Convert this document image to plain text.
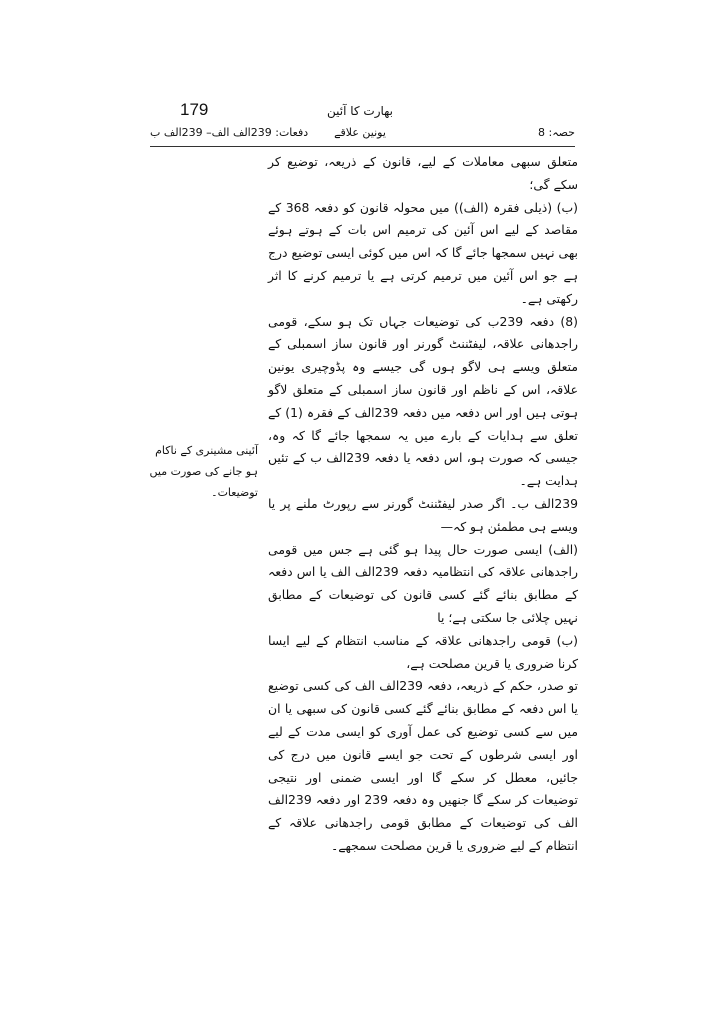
179	بھارت کا آئین
یونین علاقے
دفعات: 239الف الف– 239الف ب	حصہ: 8

متعلق سبھی معاملات کے لیے، قانون کے ذریعہ، توضیع کر سکے گی؛

(ب) (ذیلی فقرہ (الف)) میں محولہ قانون کو دفعہ 368 کے مقاصد کے لیے اس آئین کی ترمیم اس بات کے ہوتے ہوئے بھی نہیں سمجھا جائے گا کہ اس میں کوئی ایسی توضیع درج ہے جو اس آئین میں ترمیم کرتی ہے یا ترمیم کرنے کا اثر رکھتی ہے۔

(8) دفعہ 239ب کی توضیعات جہاں تک ہو سکے، قومی راجدھانی علاقہ، لیفٹننٹ گورنر اور قانون ساز اسمبلی کے متعلق ویسے ہی لاگو ہوں گی جیسے وہ پڈوچیری یونین علاقہ، اس کے ناظم اور قانون ساز اسمبلی کے متعلق لاگو ہوتی ہیں اور اس دفعہ میں دفعہ 239الف کے فقرہ (1) کے تعلق سے ہدایات کے بارے میں یہ سمجھا جائے گا کہ وہ، جیسی کہ صورت ہو، اس دفعہ یا دفعہ 239الف ب کے تئیں ہدایت ہے۔

239الف ب۔ اگر صدر لیفٹننٹ گورنر سے رپورٹ ملنے پر یا ویسے ہی مطمئن ہو کہ—

(الف) ایسی صورت حال پیدا ہو گئی ہے جس میں قومی راجدھانی علاقہ کی انتظامیہ دفعہ 239الف الف یا اس دفعہ کے مطابق بنائے گئے کسی قانون کی توضیعات کے مطابق نہیں چلائی جا سکتی ہے؛ یا

(ب) قومی راجدھانی علاقہ کے مناسب انتظام کے لیے ایسا کرنا ضروری یا قرین مصلحت ہے،

تو صدر، حکم کے ذریعہ، دفعہ 239الف الف کی کسی توضیع یا اس دفعہ کے مطابق بنائے گئے کسی قانون کی سبھی یا ان میں سے کسی توضیع کی عمل آوری کو ایسی مدت کے لیے اور ایسی شرطوں کے تحت جو ایسے قانون میں درج کی جائیں، معطل کر سکے گا اور ایسی ضمنی اور نتیجی توضیعات کر سکے گا جنھیں وہ دفعہ 239 اور دفعہ 239الف الف کی توضیعات کے مطابق قومی راجدھانی علاقہ کے انتظام کے لیے ضروری یا قرین مصلحت سمجھے۔

آئینی مشینری کے ناکام ہو جانے کی صورت میں توضیعات۔
